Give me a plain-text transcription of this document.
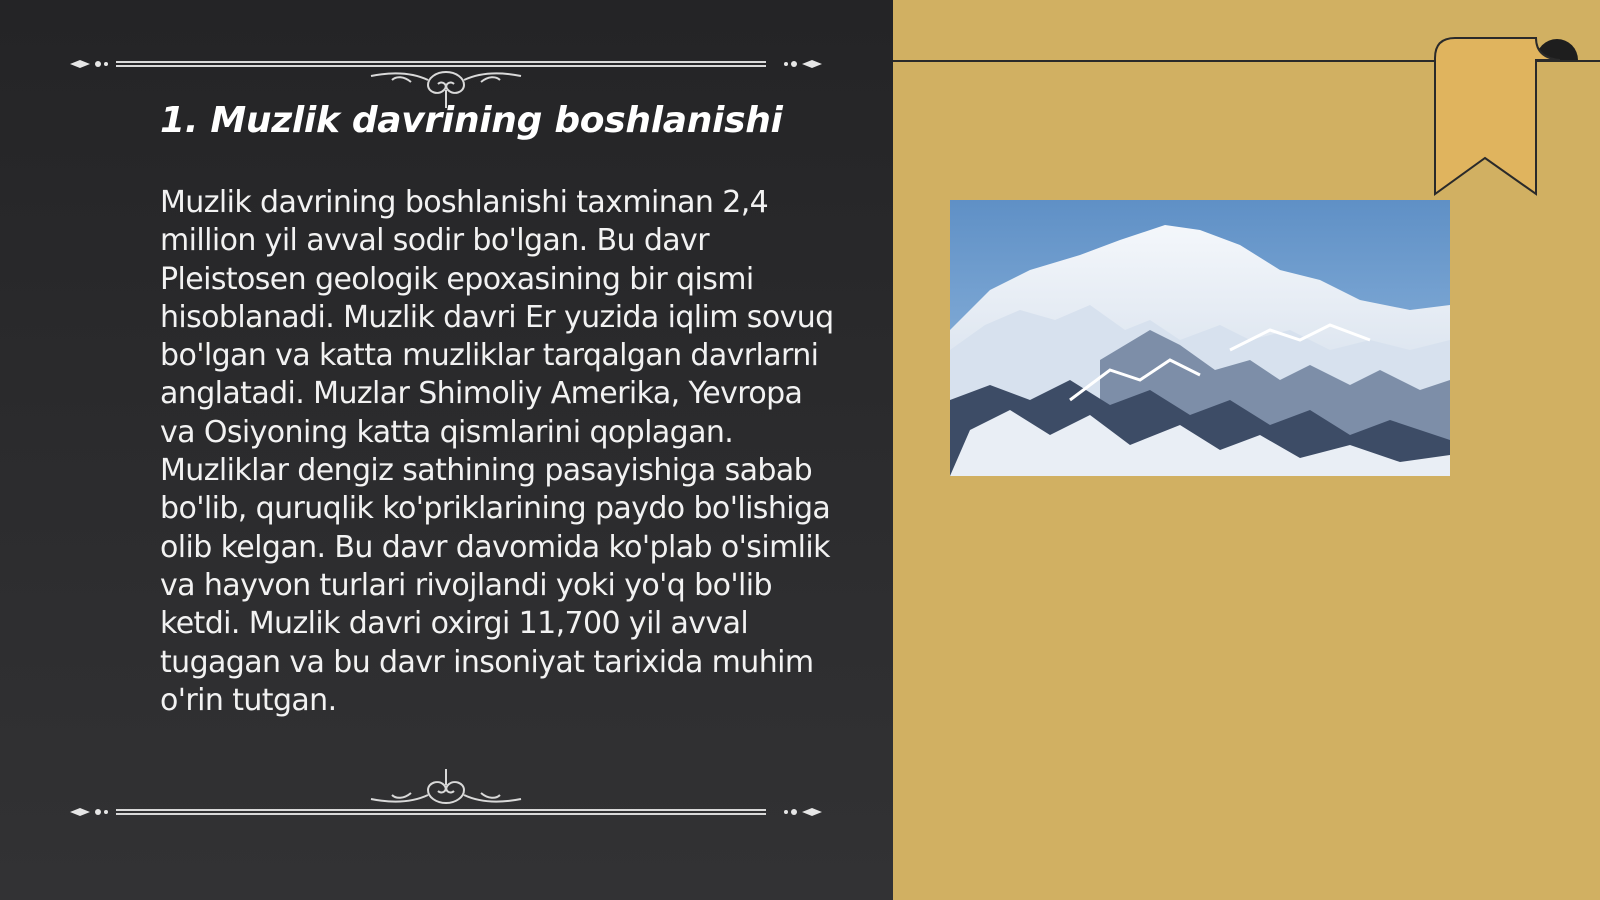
1. Muzlik davrining boshlanishi

Muzlik davrining boshlanishi taxminan 2,4 million yil avval sodir bo'lgan. Bu davr Pleistosen geologik epoxasining bir qismi hisoblanadi. Muzlik davri Er yuzida iqlim sovuq bo'lgan va katta muzliklar tarqalgan davrlarni anglatadi. Muzlar Shimoliy Amerika, Yevropa va Osiyoning katta qismlarini qoplagan. Muzliklar dengiz sathining pasayishiga sabab bo'lib, quruqlik ko'priklarining paydo bo'lishiga olib kelgan. Bu davr davomida ko'plab o'simlik va hayvon turlari rivojlandi yoki yo'q bo'lib ketdi. Muzlik davri oxirgi 11,700 yil avval tugagan va bu davr insoniyat tarixida muhim o'rin tutgan.
